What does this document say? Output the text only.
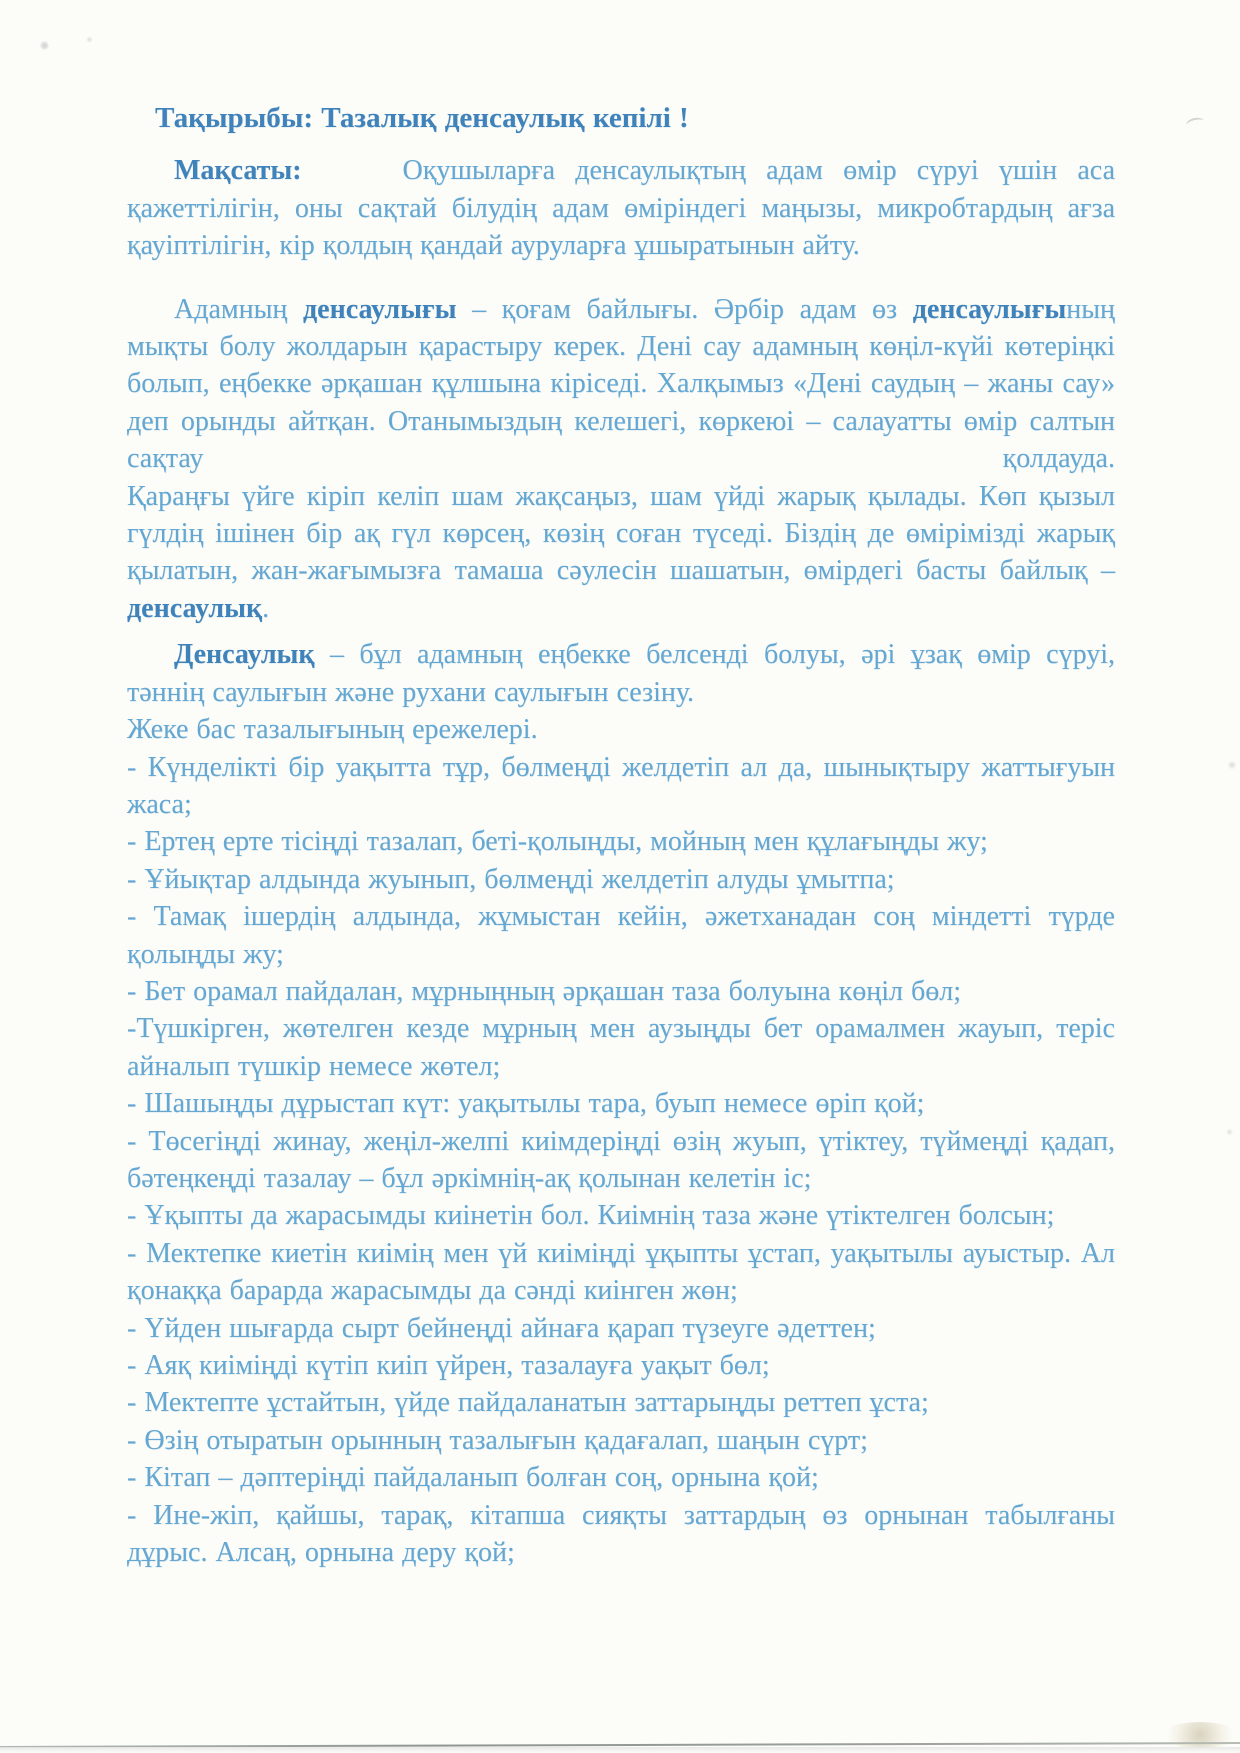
Тақырыбы: Тазалық денсаулық кепілі !

Мақсаты:     Оқушыларға денсаулықтың адам өмір сүруі үшін аса қажеттілігін, оны сақтай білудің адам өміріндегі маңызы, микробтардың ағза қауіптілігін, кір қолдың қандай ауруларға ұшыратынын айту.

Адамның денсаулығы – қоғам байлығы. Әрбір адам өз денсаулығының мықты болу жолдарын қарастыру керек. Дені сау адамның көңіл-күйі көтеріңкі болып, еңбекке әрқашан құлшына кіріседі. Халқымыз «Дені саудың – жаны сау» деп орынды айтқан. Отанымыздың келешегі, көркеюі – салауатты өмір салтын сақтау қолдауда.

Қараңғы үйге кіріп келіп шам жақсаңыз, шам үйді жарық қылады. Көп қызыл гүлдің ішінен бір ақ гүл көрсең, көзің соған түседі. Біздің де өмірімізді жарық қылатын, жан-жағымызға тамаша сәулесін шашатын, өмірдегі басты байлық – денсаулық.

Денсаулық – бұл адамның еңбекке белсенді болуы, әрі ұзақ өмір сүруі, тәннің саулығын және рухани саулығын сезіну.

Жеке бас тазалығының ережелері.

- Күнделікті бір уақытта тұр, бөлмеңді желдетіп ал да, шынықтыру жаттығуын жаса;

- Ертең ерте тісіңді тазалап, беті-қолыңды, мойның мен құлағыңды жу;

- Ұйықтар алдында жуынып, бөлмеңді желдетіп алуды ұмытпа;

- Тамақ ішердің алдында, жұмыстан кейін, әжетханадан соң міндетті түрде қолыңды жу;

- Бет орамал пайдалан, мұрныңның әрқашан таза болуына көңіл бөл;

-Түшкірген, жөтелген кезде мұрның мен аузыңды бет орамалмен жауып, теріс айналып түшкір немесе жөтел;

- Шашыңды дұрыстап күт: уақытылы тара, буып немесе өріп қой;

- Төсегіңді жинау, жеңіл-желпі киімдеріңді өзің жуып, үтіктеу, түймеңді қадап, бәтеңкеңді тазалау – бұл әркімнің-ақ қолынан келетін іс;

- Ұқыпты да жарасымды киінетін бол. Киімнің таза және үтіктелген болсын;

- Мектепке киетін киімің мен үй киіміңді ұқыпты ұстап, уақытылы ауыстыр. Ал қонаққа барарда жарасымды да сәнді киінген жөн;

- Үйден шығарда сырт бейнеңді айнаға қарап түзеуге әдеттен;

- Аяқ киіміңді күтіп киіп үйрен, тазалауға уақыт бөл;

- Мектепте ұстайтын, үйде пайдаланатын заттарыңды реттеп ұста;

- Өзің отыратын орынның тазалығын қадағалап, шаңын сүрт;

- Кітап – дәптеріңді пайдаланып болған соң, орнына қой;

- Ине-жіп, қайшы, тарақ, кітапша сияқты заттардың өз орнынан табылғаны дұрыс. Алсаң, орнына деру қой;
